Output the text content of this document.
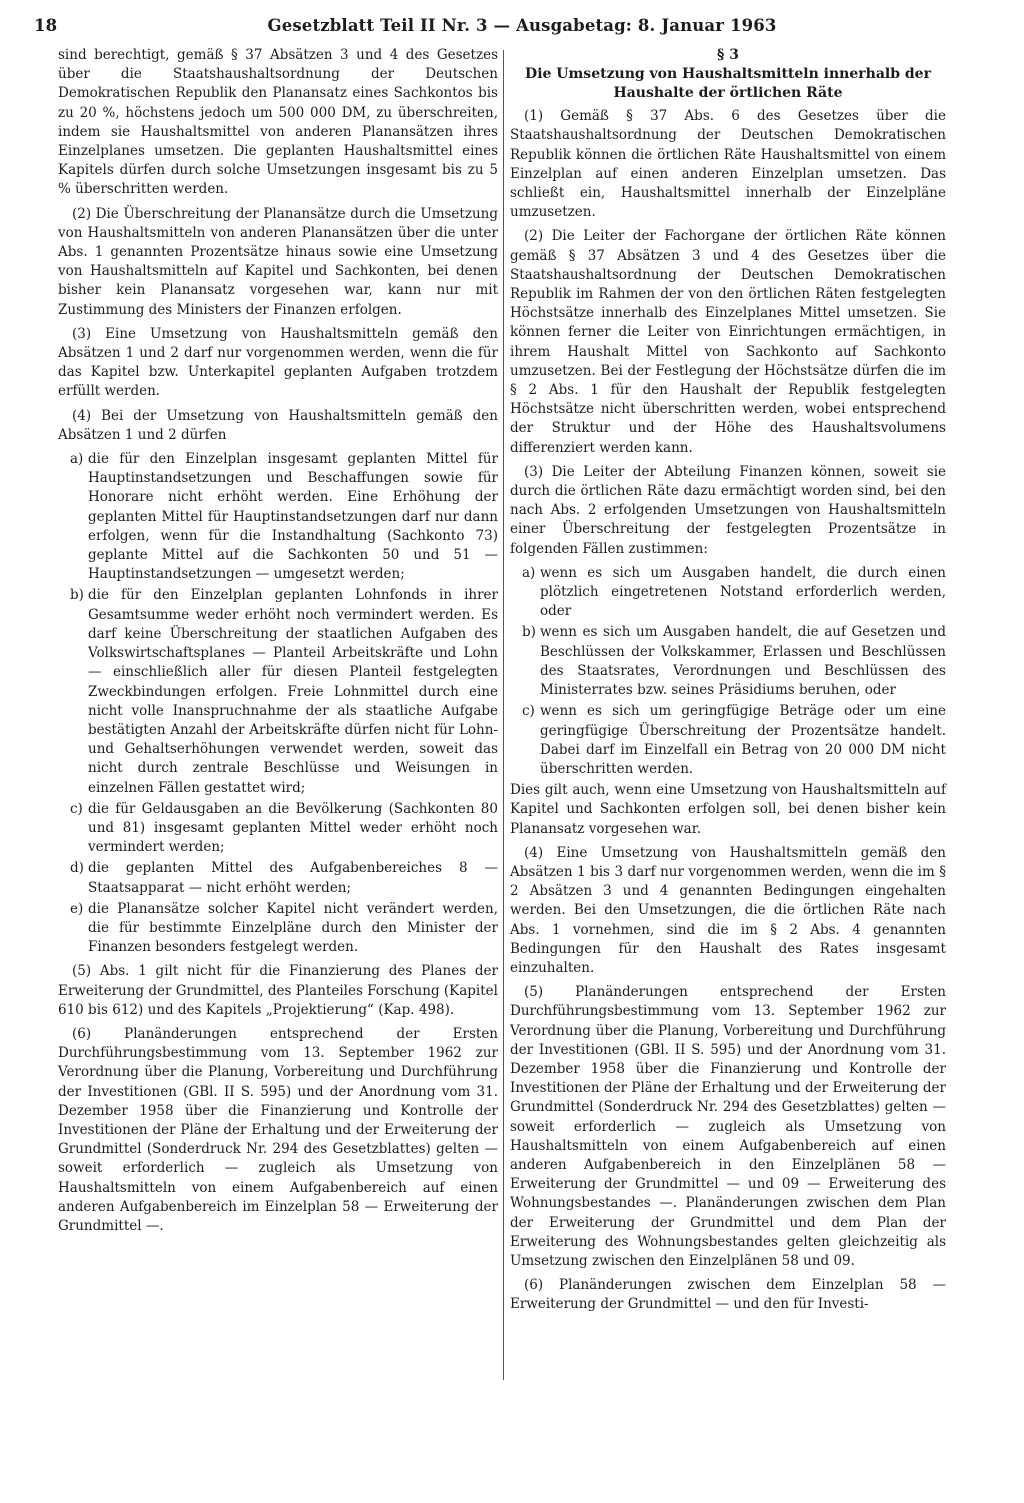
18	Gesetzblatt Teil II Nr. 3 — Ausgabetag: 8. Januar 1963

sind berechtigt, gemäß § 37 Absätzen 3 und 4 des Gesetzes über die Staatshaushaltsordnung der Deutschen Demokratischen Republik den Planansatz eines Sachkontos bis zu 20 %, höchstens jedoch um 500 000 DM, zu überschreiten, indem sie Haushaltsmittel von anderen Planansätzen ihres Einzelplanes umsetzen. Die geplanten Haushaltsmittel eines Kapitels dürfen durch solche Umsetzungen insgesamt bis zu 5 % überschritten werden.

(2) Die Überschreitung der Planansätze durch die Umsetzung von Haushaltsmitteln von anderen Planansätzen über die unter Abs. 1 genannten Prozentsätze hinaus sowie eine Umsetzung von Haushaltsmitteln auf Kapitel und Sachkonten, bei denen bisher kein Planansatz vorgesehen war, kann nur mit Zustimmung des Ministers der Finanzen erfolgen.

(3) Eine Umsetzung von Haushaltsmitteln gemäß den Absätzen 1 und 2 darf nur vorgenommen werden, wenn die für das Kapitel bzw. Unterkapitel geplanten Aufgaben trotzdem erfüllt werden.

(4) Bei der Umsetzung von Haushaltsmitteln gemäß den Absätzen 1 und 2 dürfen

a) die für den Einzelplan insgesamt geplanten Mittel für Hauptinstandsetzungen und Beschaffungen sowie für Honorare nicht erhöht werden. Eine Erhöhung der geplanten Mittel für Hauptinstandsetzungen darf nur dann erfolgen, wenn für die Instandhaltung (Sachkonto 73) geplante Mittel auf die Sachkonten 50 und 51 — Hauptinstandsetzungen — umgesetzt werden;
b) die für den Einzelplan geplanten Lohnfonds in ihrer Gesamtsumme weder erhöht noch vermindert werden. Es darf keine Überschreitung der staatlichen Aufgaben des Volkswirtschaftsplanes — Planteil Arbeitskräfte und Lohn — einschließlich aller für diesen Planteil festgelegten Zweckbindungen erfolgen. Freie Lohnmittel durch eine nicht volle Inanspruchnahme der als staatliche Aufgabe bestätigten Anzahl der Arbeitskräfte dürfen nicht für Lohn- und Gehaltserhöhungen verwendet werden, soweit das nicht durch zentrale Beschlüsse und Weisungen in einzelnen Fällen gestattet wird;
c) die für Geldausgaben an die Bevölkerung (Sachkonten 80 und 81) insgesamt geplanten Mittel weder erhöht noch vermindert werden;
d) die geplanten Mittel des Aufgabenbereiches 8 — Staatsapparat — nicht erhöht werden;
e) die Planansätze solcher Kapitel nicht verändert werden, die für bestimmte Einzelpläne durch den Minister der Finanzen besonders festgelegt werden.

(5) Abs. 1 gilt nicht für die Finanzierung des Planes der Erweiterung der Grundmittel, des Planteiles Forschung (Kapitel 610 bis 612) und des Kapitels „Projektierung“ (Kap. 498).

(6) Planänderungen entsprechend der Ersten Durchführungsbestimmung vom 13. September 1962 zur Verordnung über die Planung, Vorbereitung und Durchführung der Investitionen (GBl. II S. 595) und der Anordnung vom 31. Dezember 1958 über die Finanzierung und Kontrolle der Investitionen der Pläne der Erhaltung und der Erweiterung der Grundmittel (Sonderdruck Nr. 294 des Gesetzblattes) gelten — soweit erforderlich — zugleich als Umsetzung von Haushaltsmitteln von einem Aufgabenbereich auf einen anderen Aufgabenbereich im Einzelplan 58 — Erweiterung der Grundmittel —.

§ 3

Die Umsetzung von Haushaltsmitteln innerhalb der Haushalte der örtlichen Räte

(1) Gemäß § 37 Abs. 6 des Gesetzes über die Staatshaushaltsordnung der Deutschen Demokratischen Republik können die örtlichen Räte Haushaltsmittel von einem Einzelplan auf einen anderen Einzelplan umsetzen. Das schließt ein, Haushaltsmittel innerhalb der Einzelpläne umzusetzen.

(2) Die Leiter der Fachorgane der örtlichen Räte können gemäß § 37 Absätzen 3 und 4 des Gesetzes über die Staatshaushaltsordnung der Deutschen Demokratischen Republik im Rahmen der von den örtlichen Räten festgelegten Höchstsätze innerhalb des Einzelplanes Mittel umsetzen. Sie können ferner die Leiter von Einrichtungen ermächtigen, in ihrem Haushalt Mittel von Sachkonto auf Sachkonto umzusetzen. Bei der Festlegung der Höchstsätze dürfen die im § 2 Abs. 1 für den Haushalt der Republik festgelegten Höchstsätze nicht überschritten werden, wobei entsprechend der Struktur und der Höhe des Haushaltsvolumens differenziert werden kann.

(3) Die Leiter der Abteilung Finanzen können, soweit sie durch die örtlichen Räte dazu ermächtigt worden sind, bei den nach Abs. 2 erfolgenden Umsetzungen von Haushaltsmitteln einer Überschreitung der festgelegten Prozentsätze in folgenden Fällen zustimmen:

a) wenn es sich um Ausgaben handelt, die durch einen plötzlich eingetretenen Notstand erforderlich werden, oder
b) wenn es sich um Ausgaben handelt, die auf Gesetzen und Beschlüssen der Volkskammer, Erlassen und Beschlüssen des Staatsrates, Verordnungen und Beschlüssen des Ministerrates bzw. seines Präsidiums beruhen, oder
c) wenn es sich um geringfügige Beträge oder um eine geringfügige Überschreitung der Prozentsätze handelt. Dabei darf im Einzelfall ein Betrag von 20 000 DM nicht überschritten werden.

Dies gilt auch, wenn eine Umsetzung von Haushaltsmitteln auf Kapitel und Sachkonten erfolgen soll, bei denen bisher kein Planansatz vorgesehen war.

(4) Eine Umsetzung von Haushaltsmitteln gemäß den Absätzen 1 bis 3 darf nur vorgenommen werden, wenn die im § 2 Absätzen 3 und 4 genannten Bedingungen eingehalten werden. Bei den Umsetzungen, die die örtlichen Räte nach Abs. 1 vornehmen, sind die im § 2 Abs. 4 genannten Bedingungen für den Haushalt des Rates insgesamt einzuhalten.

(5) Planänderungen entsprechend der Ersten Durchführungsbestimmung vom 13. September 1962 zur Verordnung über die Planung, Vorbereitung und Durchführung der Investitionen (GBl. II S. 595) und der Anordnung vom 31. Dezember 1958 über die Finanzierung und Kontrolle der Investitionen der Pläne der Erhaltung und der Erweiterung der Grundmittel (Sonderdruck Nr. 294 des Gesetzblattes) gelten — soweit erforderlich — zugleich als Umsetzung von Haushaltsmitteln von einem Aufgabenbereich auf einen anderen Aufgabenbereich in den Einzelplänen 58 — Erweiterung der Grundmittel — und 09 — Erweiterung des Wohnungsbestandes —. Planänderungen zwischen dem Plan der Erweiterung der Grundmittel und dem Plan der Erweiterung des Wohnungsbestandes gelten gleichzeitig als Umsetzung zwischen den Einzelplänen 58 und 09.

(6) Planänderungen zwischen dem Einzelplan 58 — Erweiterung der Grundmittel — und den für Investi-
